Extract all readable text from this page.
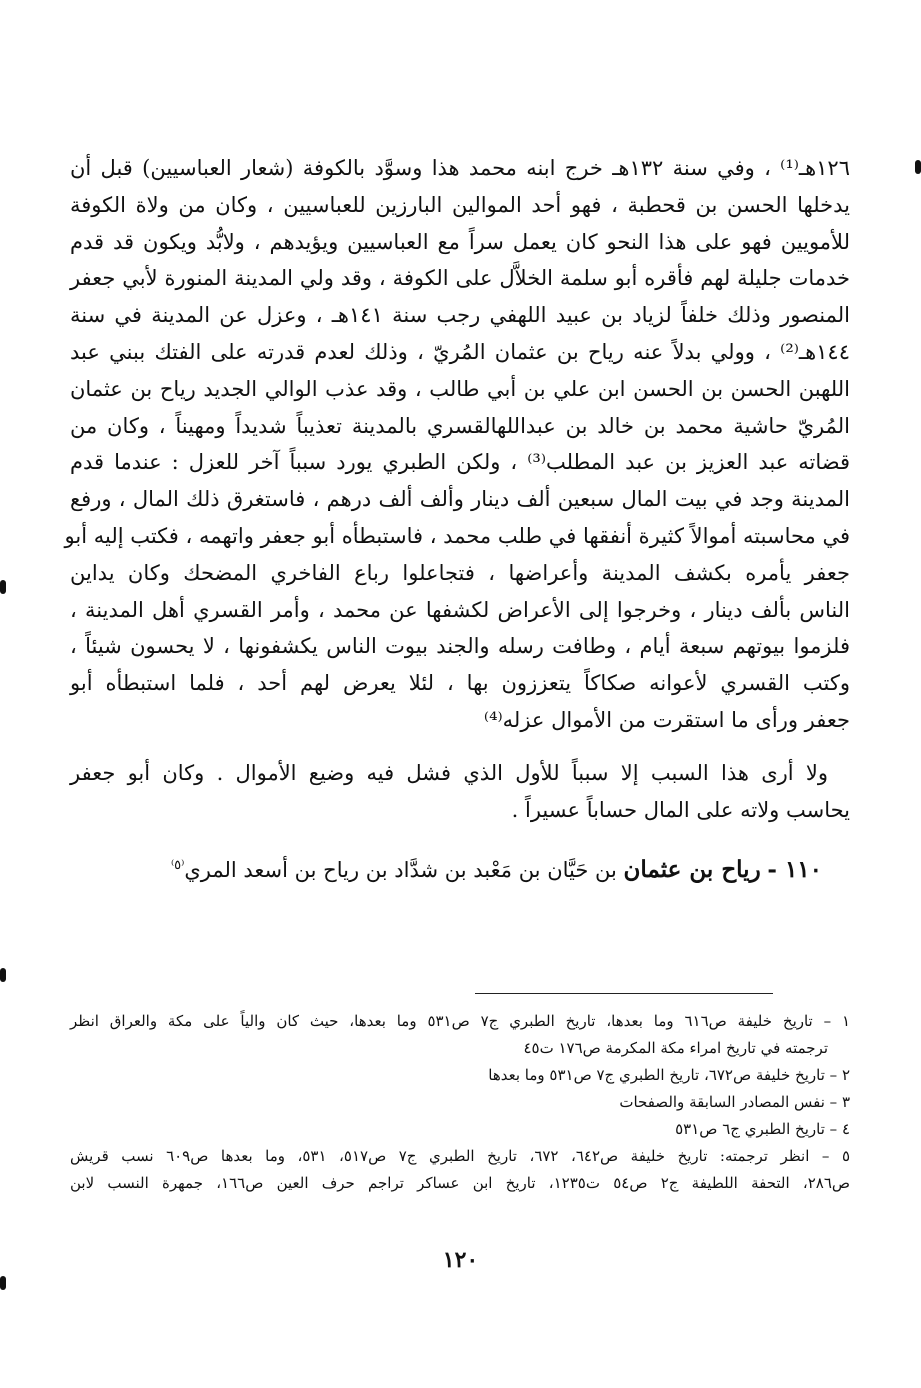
١٢٦هـ⁽¹⁾ ، وفي سنة ١٣٢هـ خرج ابنه محمد هذا وسوَّد بالكوفة (شعار العباسيين) قبل أن
يدخلها الحسن بن قحطبة ، فهو أحد الموالين البارزين للعباسيين ، وكان من ولاة الكوفة
للأمويين فهو على هذا النحو كان يعمل سراً مع العباسيين ويؤيدهم ، ولابُّد ويكون قد قدم
خدمات جليلة لهم فأقره أبو سلمة الخلاَّل على الكوفة ، وقد ولي المدينة المنورة لأبي جعفر
المنصور وذلك خلفاً لزياد بن عبيد اللهفي رجب سنة ١٤١هـ ، وعزل عن المدينة في سنة
١٤٤هـ⁽²⁾ ، وولي بدلاً عنه رياح بن عثمان المُريّ ، وذلك لعدم قدرته على الفتك ببني عبد
اللهبن الحسن بن الحسن ابن علي بن أبي طالب ، وقد عذب الوالي الجديد رياح بن عثمان
المُريّ حاشية محمد بن خالد بن عبداللهالقسري بالمدينة تعذيباً شديداً ومهيناً ، وكان من
قضاته عبد العزيز بن عبد المطلب⁽³⁾ ، ولكن الطبري يورد سبباً آخر للعزل : عندما قدم
المدينة وجد في بيت المال سبعين ألف دينار وألف ألف درهم ، فاستغرق ذلك المال ، ورفع
في محاسبته أموالاً كثيرة أنفقها في طلب محمد ، فاستبطأه أبو جعفر واتهمه ، فكتب إليه أبو
جعفر يأمره بكشف المدينة وأعراضها ، فتجاعلوا رباع الفاخري المضحك وكان يداين
الناس بألف دينار ، وخرجوا إلى الأعراض لكشفها عن محمد ، وأمر القسري أهل المدينة ،
فلزموا بيوتهم سبعة أيام ، وطافت رسله والجند بيوت الناس يكشفونها ، لا يحسون شيئاً ،
وكتب القسري لأعوانه صكاكاً يتعززون بها ، لئلا يعرض لهم أحد ، فلما استبطأه أبو
جعفر ورأى ما استقرت من الأموال عزله⁽⁴⁾
ولا أرى هذا السبب إلا سبباً للأول الذي فشل فيه وضيع الأموال . وكان أبو جعفر
يحاسب ولاته على المال حساباً عسيراً .
١١٠ - رياح بن عثمان بن حَيَّان بن مَعْبد بن شدَّاد بن رياح بن أسعد المري$^{^(٥^)}$
١ – تاريخ خليفة ص٦١٦ وما بعدها، تاريخ الطبري ج٧ ص٥٣١ وما بعدها، حيث كان والياً على مكة والعراق انظر
ترجمته في تاريخ امراء مكة المكرمة ص١٧٦ ت٤٥
٢ – تاريخ خليفة ص٦٧٢، تاريخ الطبري ج٧ ص٥٣١ وما بعدها
٣ – نفس المصادر السابقة والصفحات
٤ – تاريخ الطبري ج٦ ص٥٣١
٥ – انظر ترجمته: تاريخ خليفة ص٦٤٢، ٦٧٢، تاريخ الطبري ج٧ ص٥١٧، ٥٣١، وما بعدها ص٦٠٩ نسب قريش
ص٢٨٦، التحفة اللطيفة ج٢ ص٥٤ ت١٢٣٥، تاريخ ابن عساكر تراجم حرف العين ص١٦٦، جمهرة النسب لابن
١٢٠
